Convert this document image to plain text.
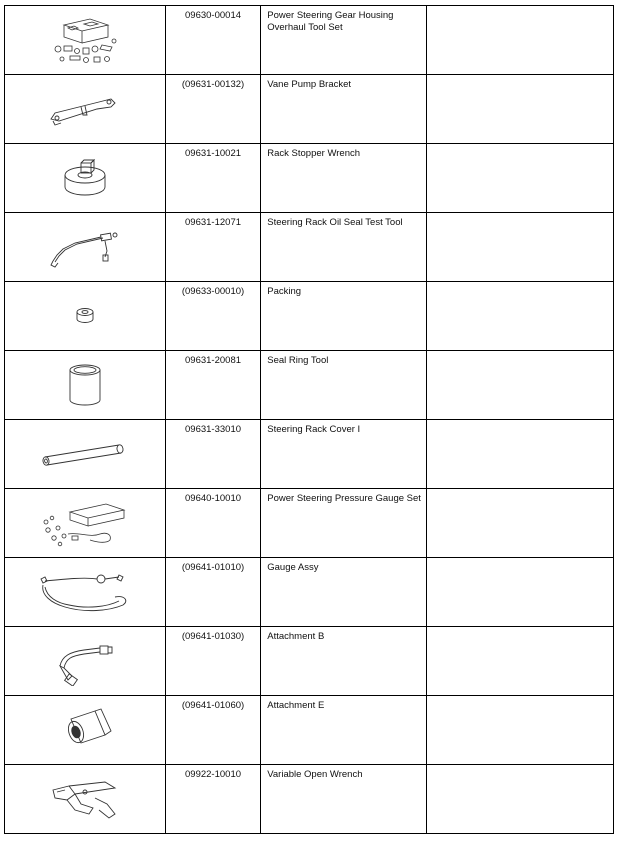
09630-00014	Power Steering Gear Housing Overhaul Tool Set	

(09631-00132)	Vane Pump Bracket	

09631-10021	Rack Stopper Wrench	

09631-12071	Steering Rack Oil Seal Test Tool	

(09633-00010)	Packing	

09631-20081	Seal Ring Tool	

09631-33010	Steering Rack Cover I	

09640-10010	Power Steering Pressure Gauge Set	

(09641-01010)	Gauge Assy	

(09641-01030)	Attachment B	

(09641-01060)	Attachment E	

09922-10010	Variable Open Wrench	
